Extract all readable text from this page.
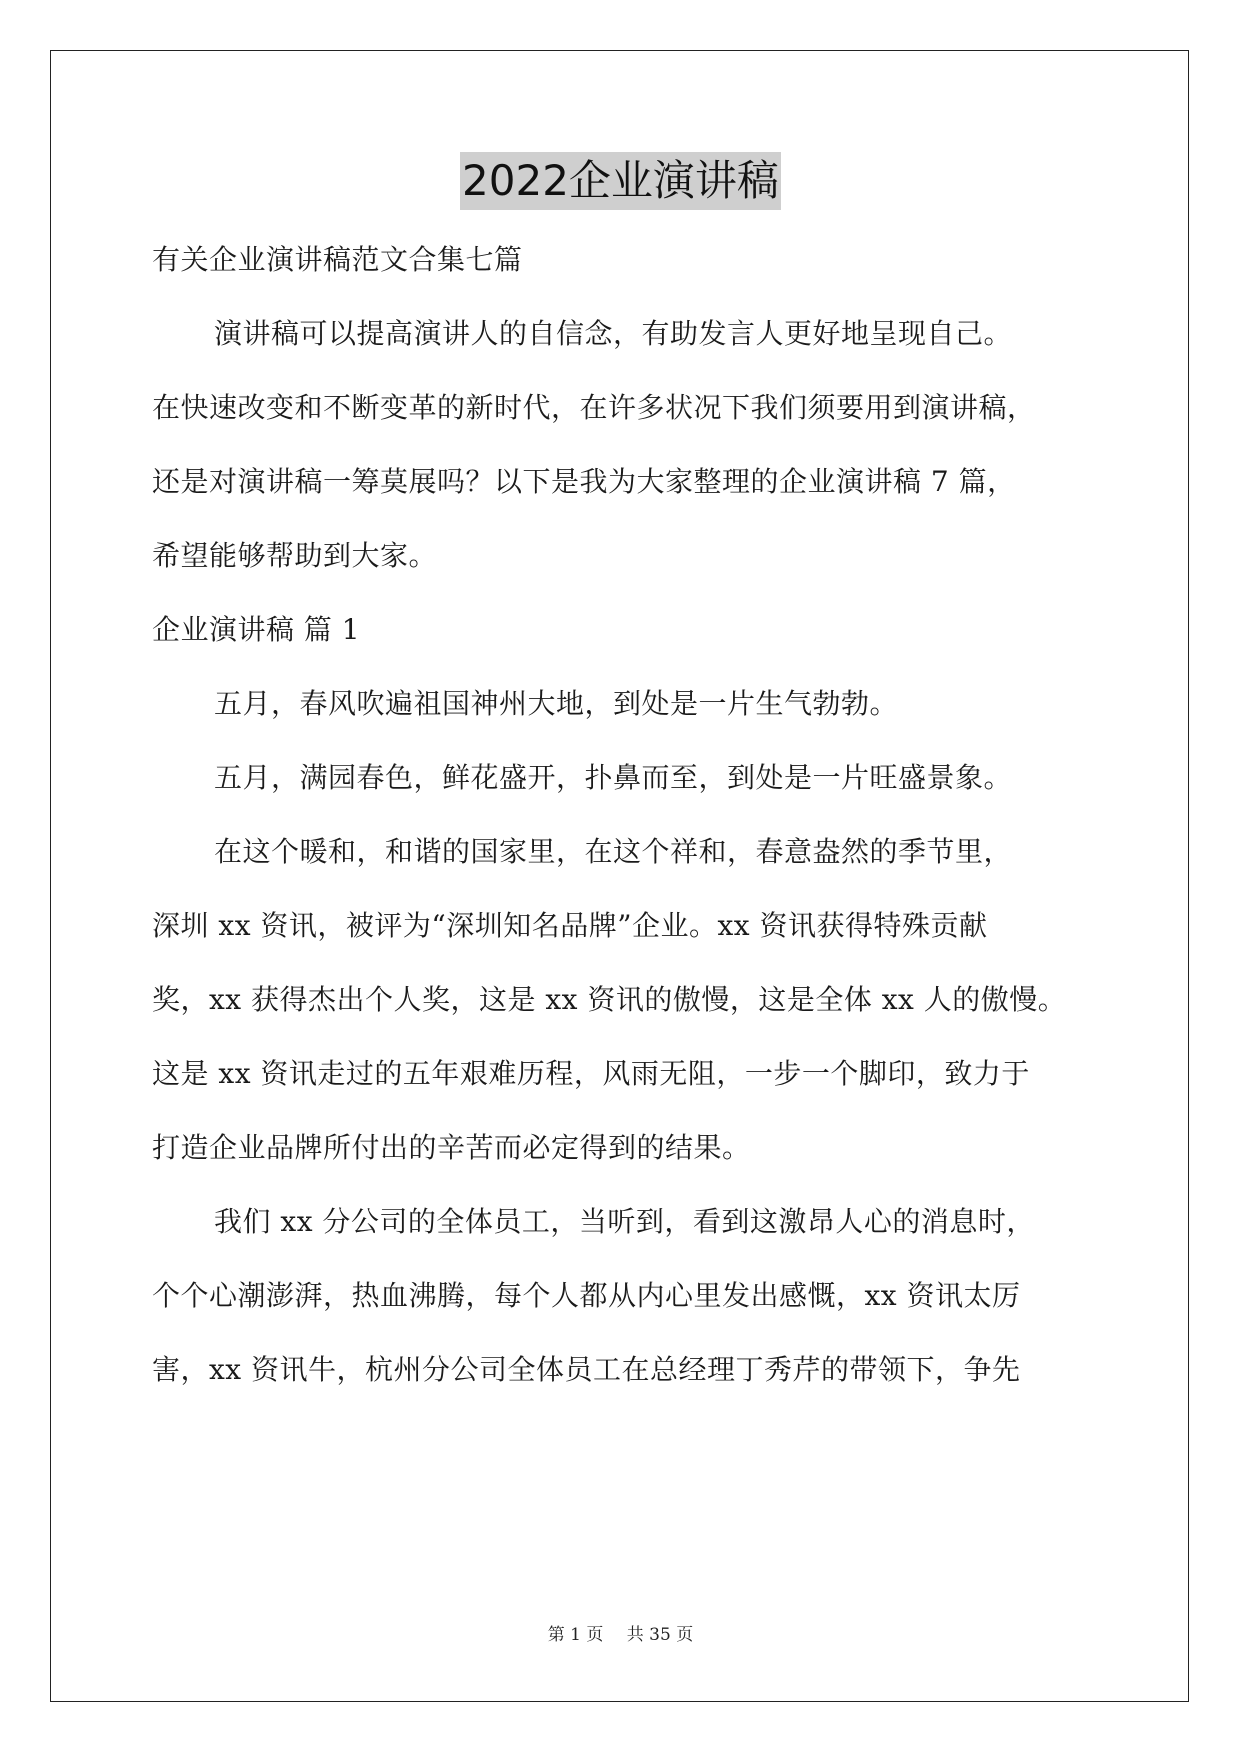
2022企业演讲稿
有关企业演讲稿范文合集七篇
演讲稿可以提高演讲人的自信念，有助发言人更好地呈现自己。
在快速改变和不断变革的新时代，在许多状况下我们须要用到演讲稿，
还是对演讲稿一筹莫展吗？以下是我为大家整理的企业演讲稿 7 篇，
希望能够帮助到大家。
企业演讲稿 篇 1
五月，春风吹遍祖国神州大地，到处是一片生气勃勃。
五月，满园春色，鲜花盛开，扑鼻而至，到处是一片旺盛景象。
在这个暖和，和谐的国家里，在这个祥和，春意盎然的季节里，
深圳 xx 资讯，被评为“深圳知名品牌”企业。xx 资讯获得特殊贡献
奖，xx 获得杰出个人奖，这是 xx 资讯的傲慢，这是全体 xx 人的傲慢。
这是 xx 资讯走过的五年艰难历程，风雨无阻，一步一个脚印，致力于
打造企业品牌所付出的辛苦而必定得到的结果。
我们 xx 分公司的全体员工，当听到，看到这激昂人心的消息时，
个个心潮澎湃，热血沸腾，每个人都从内心里发出感慨，xx 资讯太厉
害，xx 资讯牛，杭州分公司全体员工在总经理丁秀芹的带领下，争先
第 1 页 共 35 页
